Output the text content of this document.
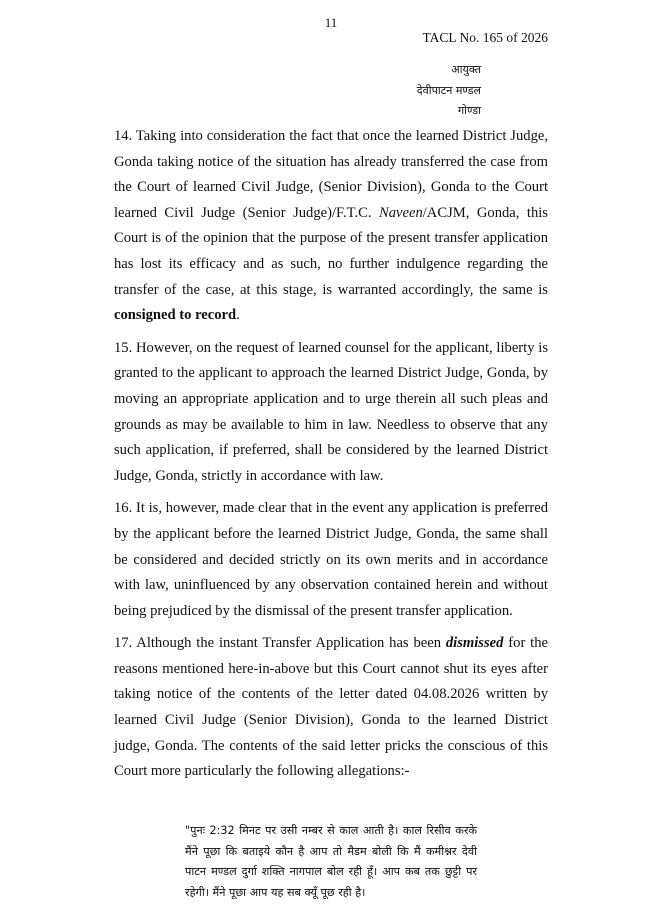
11
TACL No. 165 of 2026
आयुक्त
देवीपाटन मण्डल
गोण्डा

14. Taking into consideration the fact that once the learned District Judge, Gonda taking notice of the situation has already transferred the case from the Court of learned Civil Judge, (Senior Division), Gonda to the Court learned Civil Judge (Senior Judge)/F.T.C. Naveen/ACJM, Gonda, this Court is of the opinion that the purpose of the present transfer application has lost its efficacy and as such, no further indulgence regarding the transfer of the case, at this stage, is warranted accordingly, the same is consigned to record.

15. However, on the request of learned counsel for the applicant, liberty is granted to the applicant to approach the learned District Judge, Gonda, by moving an appropriate application and to urge therein all such pleas and grounds as may be available to him in law. Needless to observe that any such application, if preferred, shall be considered by the learned District Judge, Gonda, strictly in accordance with law.

16. It is, however, made clear that in the event any application is preferred by the applicant before the learned District Judge, Gonda, the same shall be considered and decided strictly on its own merits and in accordance with law, uninfluenced by any observation contained herein and without being prejudiced by the dismissal of the present transfer application.

17. Although the instant Transfer Application has been dismissed for the reasons mentioned here-in-above but this Court cannot shut its eyes after taking notice of the contents of the letter dated 04.08.2026 written by learned Civil Judge (Senior Division), Gonda to the learned District judge, Gonda. The contents of the said letter pricks the conscious of this Court more particularly the following allegations:-

"पुनः 2:32 मिनट पर उसी नम्बर से काल आती है। काल रिसीव करके मैंने पूछा कि बताइये कौन है आप तो मैडम बोली कि मैं कमीश्नर देवी पाटन मण्डल दुर्गा शक्ति नागपाल बोल रही हूँ। आप कब तक छुट्टी पर रहेगी। मैंने पूछा आप यह सब क्यूँ पूछ रही है।
